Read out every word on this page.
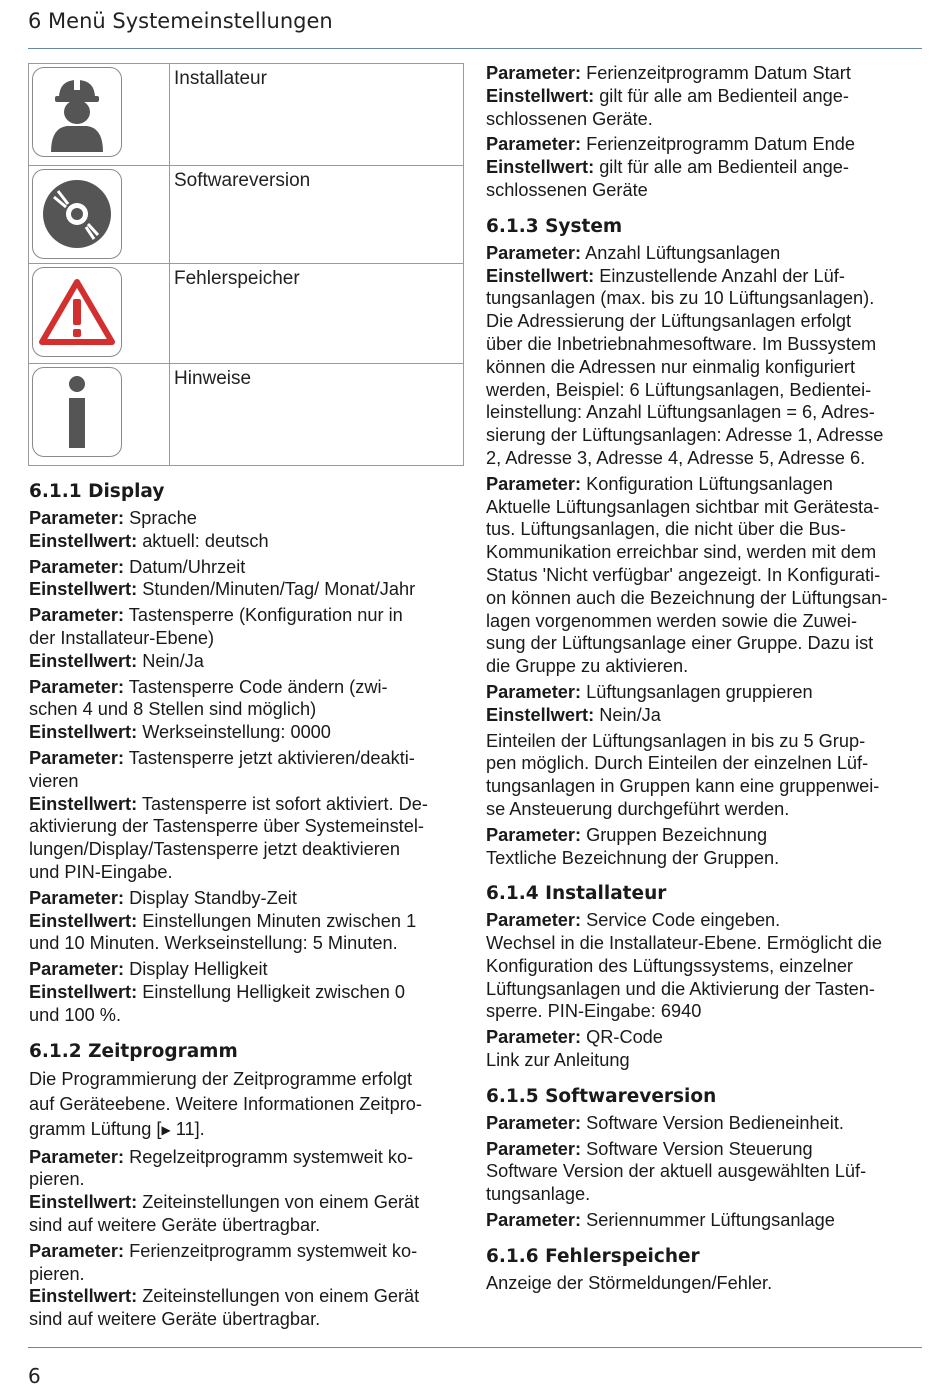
6 Menü Systemeinstellungen
	Installateur

	Softwareversion

	Fehlerspeicher

	Hinweise
6.1.1 Display

Parameter: Sprache
Einstellwert: aktuell: deutsch

Parameter: Datum/Uhrzeit
Einstellwert: Stunden/Minuten/Tag/ Monat/Jahr

Parameter: Tastensperre (Konfiguration nur in
der Installateur-Ebene)
Einstellwert: Nein/Ja

Parameter: Tastensperre Code ändern (zwi-
schen 4 und 8 Stellen sind möglich)
Einstellwert: Werkseinstellung: 0000

Parameter: Tastensperre jetzt aktivieren/deakti-
vieren
Einstellwert: Tastensperre ist sofort aktiviert. De-
aktivierung der Tastensperre über Systemeinstel-
lungen/Display/Tastensperre jetzt deaktivieren
und PIN-Eingabe.

Parameter: Display Standby-Zeit
Einstellwert: Einstellungen Minuten zwischen 1
und 10 Minuten. Werkseinstellung: 5 Minuten.

Parameter: Display Helligkeit
Einstellwert: Einstellung Helligkeit zwischen 0
und 100 %.

6.1.2 Zeitprogramm

Die Programmierung der Zeitprogramme erfolgt
auf Geräteebene. Weitere Informationen Zeitpro-
gramm Lüftung [▶ 11].

Parameter: Regelzeitprogramm systemweit ko-
pieren.
Einstellwert: Zeiteinstellungen von einem Gerät
sind auf weitere Geräte übertragbar.

Parameter: Ferienzeitprogramm systemweit ko-
pieren.
Einstellwert: Zeiteinstellungen von einem Gerät
sind auf weitere Geräte übertragbar.

Parameter: Ferienzeitprogramm Datum Start
Einstellwert: gilt für alle am Bedienteil ange-
schlossenen Geräte.

Parameter: Ferienzeitprogramm Datum Ende
Einstellwert: gilt für alle am Bedienteil ange-
schlossenen Geräte

6.1.3 System

Parameter: Anzahl Lüftungsanlagen
Einstellwert: Einzustellende Anzahl der Lüf-
tungsanlagen (max. bis zu 10 Lüftungsanlagen).
Die Adressierung der Lüftungsanlagen erfolgt
über die Inbetriebnahmesoftware. Im Bussystem
können die Adressen nur einmalig konfiguriert
werden, Beispiel: 6 Lüftungsanlagen, Bedientei-
leinstellung: Anzahl Lüftungsanlagen = 6, Adres-
sierung der Lüftungsanlagen: Adresse 1, Adresse
2, Adresse 3, Adresse 4, Adresse 5, Adresse 6.

Parameter: Konfiguration Lüftungsanlagen
Aktuelle Lüftungsanlagen sichtbar mit Gerätesta-
tus. Lüftungsanlagen, die nicht über die Bus-
Kommunikation erreichbar sind, werden mit dem
Status 'Nicht verfügbar' angezeigt. In Konfigurati-
on können auch die Bezeichnung der Lüftungsan-
lagen vorgenommen werden sowie die Zuwei-
sung der Lüftungsanlage einer Gruppe. Dazu ist
die Gruppe zu aktivieren.

Parameter: Lüftungsanlagen gruppieren
Einstellwert: Nein/Ja

Einteilen der Lüftungsanlagen in bis zu 5 Grup-
pen möglich. Durch Einteilen der einzelnen Lüf-
tungsanlagen in Gruppen kann eine gruppenwei-
se Ansteuerung durchgeführt werden.

Parameter: Gruppen Bezeichnung
Textliche Bezeichnung der Gruppen.

6.1.4 Installateur

Parameter: Service Code eingeben.
Wechsel in die Installateur-Ebene. Ermöglicht die
Konfiguration des Lüftungssystems, einzelner
Lüftungsanlagen und die Aktivierung der Tasten-
sperre. PIN-Eingabe: 6940

Parameter: QR-Code
Link zur Anleitung

6.1.5 Softwareversion

Parameter: Software Version Bedieneinheit.

Parameter: Software Version Steuerung
Software Version der aktuell ausgewählten Lüf-
tungsanlage.

Parameter: Seriennummer Lüftungsanlage

6.1.6 Fehlerspeicher

Anzeige der Störmeldungen/Fehler.

6
